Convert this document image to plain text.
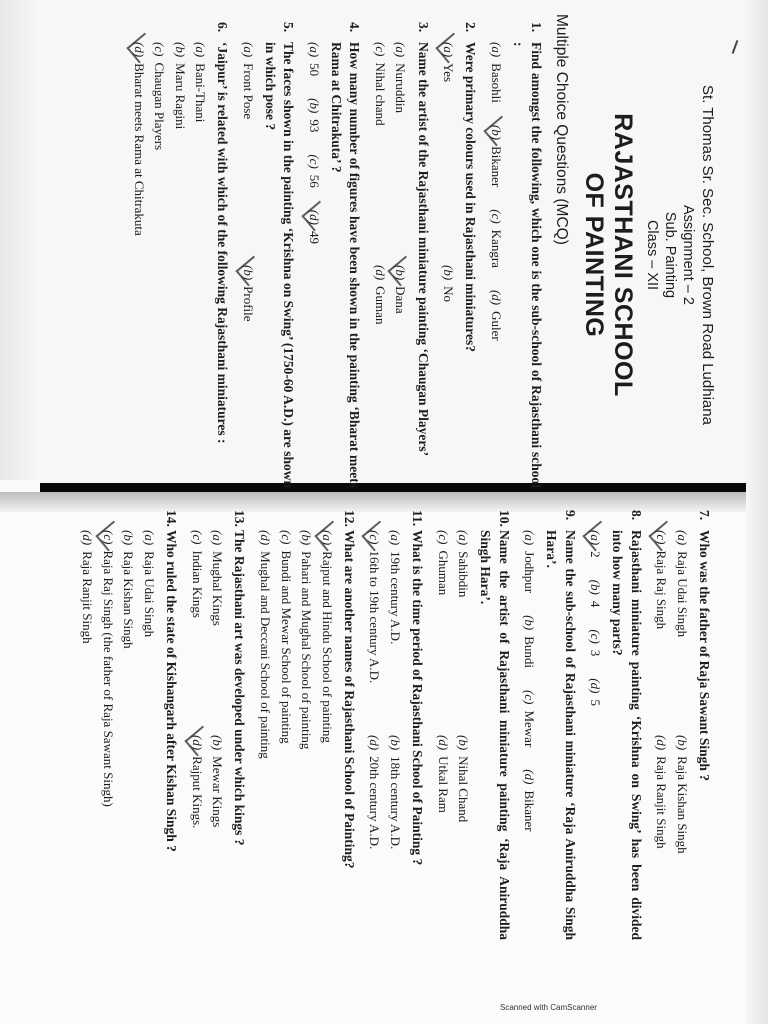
St. Thomas Sr. Sec. School, Brown Road Ludhiana
Assignment – 2
Sub. Painting
Class – XII
RAJASTHANI SCHOOL
OF PAINTING
Multiple Choice Questions (MCQ)
1.
Find amongst the following, which one is the sub-school of Rajasthani school :
(a)Basohli
(b)Bikaner
(c)Kangra
(d)Guler
2.
Were primary colours used in Rajasthani miniatures?
(a)Yes
(b)No
3.
Name the artist of the Rajasthani miniature painting ‘Chaugan Players’
(a)Nuruddin
(b)Dana
(c)Nihal chand
(d)Guman
4.
How many number of figures have been shown in the painting ‘Bharat meets Rama at Chitrakuta’ ?
(a)50
(b)93
(c)56
(d)49
5.
The faces shown in the painting ‘Krishna on Swing’ (1750-60 A.D.) are shown in which pose ?
(a)Front Pose
(b)Profile
6.
‘Jaipur’ is related with which of the following Rajasthani miniatures :
(a)Bani-Thani
(b)Maru Ragini
(c)Chaugan Players
(d)Bharat meets Rama at Chitrakuta
7.
Who was the father of Raja Sawant Singh ?
(a)Raja Udai Singh
(b)Raja Kishan Singh
(c)Raja Raj Singh
(d)Raja Ranjit Singh
8.
Rajasthani miniature painting ‘Krishna on Swing’ has been divided into how many parts?
(a)2
(b)4
(c)3
(d)5
9.
Name the sub-school of Rajasthani miniature ‘Raja Aniruddha Singh Hara’.
(a)Jodhpur
(b)Bundi
(c)Mewar
(d)Bikaner
10.
Name the artist of Rajasthani miniature painting ‘Raja Aniruddha Singh Hara’.
(a)Sahibdin
(b)Nihal Chand
(c)Ghuman
(d)Utkal Ram
11.
What is the time period of Rajasthani School of Painting ?
(a)19th century A.D.
(b)18th century A.D.
(c)16th to 19th century A.D.
(d)20th century A.D.
12.
What are another names of Rajasthani School of Painting?
(a)Rajput and Hindu School of painting
(b)Pahari and Mughal School of painting
(c)Bundi and Mewar School of painting
(d)Mughal and Deccani School of painting
13.
The Rajasthani art was developed under which kings ?
(a)Mughal Kings
(b)Mewar Kings
(c)Indian Kings
(d)Rajput Kings.
14.
Who ruled the state of Kishangarh after Kishan Singh ?
(a)Raja Udai Singh
(b)Raja Kishan Singh
(c)Raja Raj Singh (the father of Raja Sawant Singh)
(d)Raja Ranjit Singh
Scanned with CamScanner
